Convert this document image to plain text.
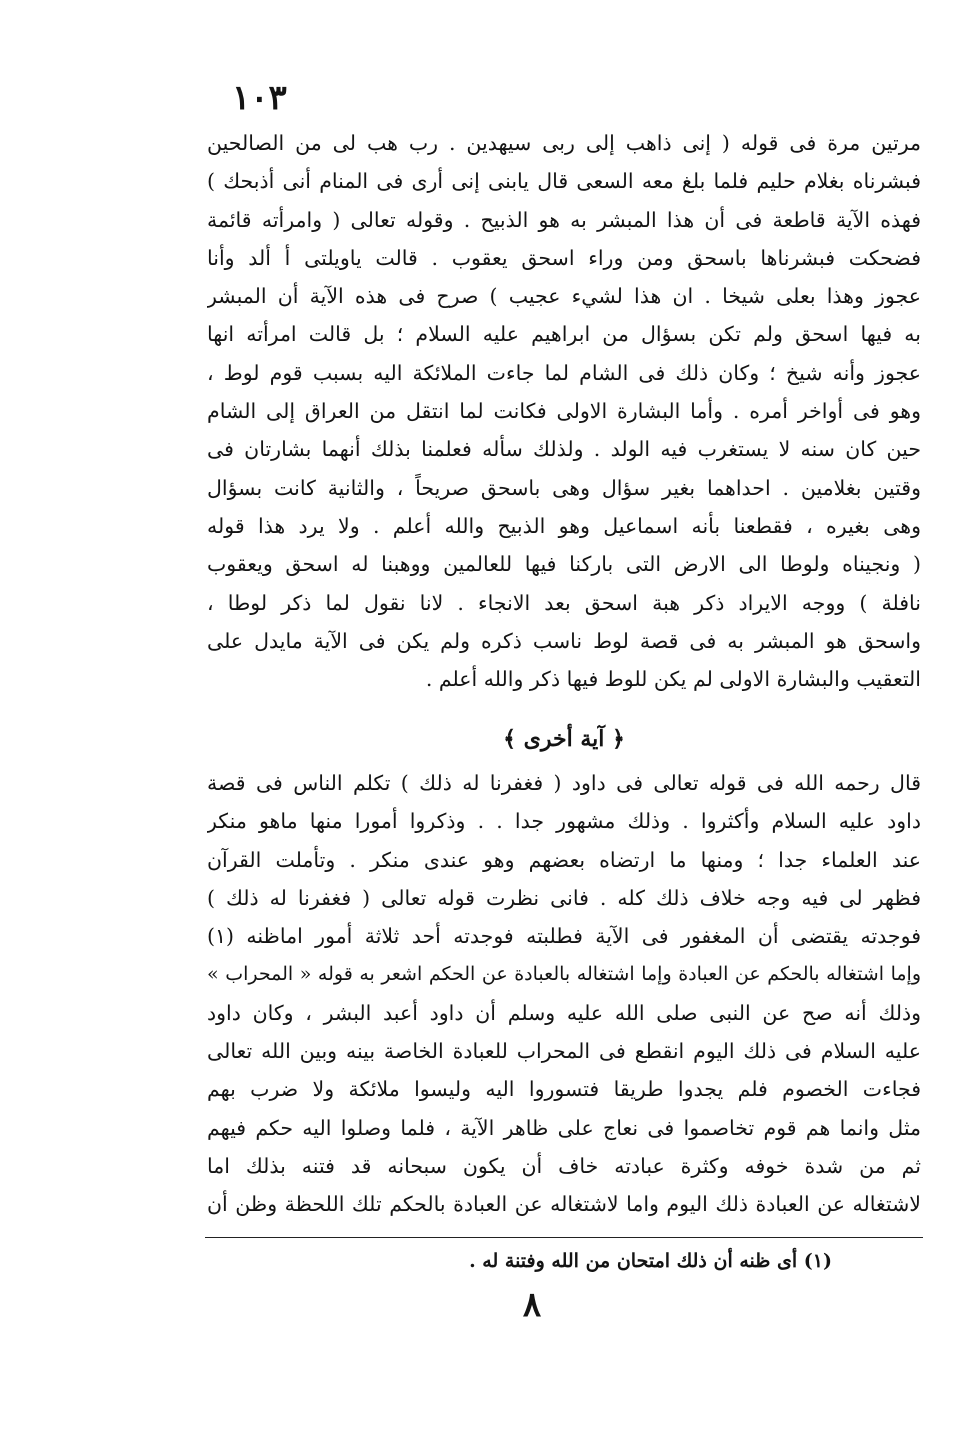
١٠٣
مرتين مرة فى قوله ( إنى ذاهب إلى ربى سيهدين . رب هب لى من الصالحين
فبشرناه بغلام حليم فلما بلغ معه السعى قال يابنى إنى أرى فى المنام أنى أذبحك )
فهذه الآية قاطعة فى أن هذا المبشر به هو الذبيح . وقوله تعالى ( وامرأته قائمة
فضحكت فبشرناها باسحق ومن وراء اسحق يعقوب . قالت ياويلتى أ ألد وأنا
عجوز وهذا بعلى شيخا . ان هذا لشيء عجيب ) صرح فى هذه الآية أن المبشر
به فيها اسحق ولم تكن بسؤال من ابراهيم عليه السلام ؛ بل قالت امرأته انها
عجوز وأنه شيخ ؛ وكان ذلك فى الشام لما جاءت الملائكة اليه بسبب قوم لوط ،
وهو فى أواخر أمره . وأما البشارة الاولى فكانت لما انتقل من العراق إلى الشام
حين كان سنه لا يستغرب فيه الولد . ولذلك سأله فعلمنا بذلك أنهما بشارتان فى
وقتين بغلامين . احداهما بغير سؤال وهى باسحق صريحاً ، والثانية كانت بسؤال
وهى بغيره ، فقطعنا بأنه اسماعيل وهو الذبيح والله أعلم . ولا يرد هذا قوله
( ونجيناه ولوطا الى الارض التى باركنا فيها للعالمين ووهبنا له اسحق ويعقوب
نافلة ) ووجه الايراد ذكر هبة اسحق بعد الانجاء . لانا نقول لما ذكر لوطا ،
واسحق هو المبشر به فى قصة لوط ناسب ذكره ولم يكن فى الآية مايدل على
التعقيب والبشارة الاولى لم يكن للوط فيها ذكر والله أعلم .
﴿ آية أخرى ﴾
قال رحمه الله فى قوله تعالى فى داود ( فغفرنا له ذلك ) تكلم الناس فى قصة
داود عليه السلام وأكثروا . وذلك مشهور جدا . . وذكروا أمورا منها ماهو منكر
عند العلماء جدا ؛ ومنها ما ارتضاه بعضهم وهو عندى منكر . وتأملت القرآن
فظهر لى فيه وجه خلاف ذلك كله . فانى نظرت قوله تعالى ( فغفرنا له ذلك )
فوجدته يقتضى أن المغفور فى الآية فطلبته فوجدته أحد ثلاثة أمور اماظنه (١)
وإما اشتغاله بالحكم عن العبادة وإما اشتغاله بالعبادة عن الحكم اشعر به قوله « المحراب »
وذلك أنه صح عن النبى صلى الله عليه وسلم أن داود أعبد البشر ، وكان داود
عليه السلام فى ذلك اليوم انقطع فى المحراب للعبادة الخاصة بينه وبين الله تعالى
فجاءت الخصوم فلم يجدوا طريقا فتسوروا اليه وليسوا ملائكة ولا ضرب بهم
مثل وانما هم قوم تخاصموا فى نعاج على ظاهر الآية ، فلما وصلوا اليه حكم فيهم
ثم من شدة خوفه وكثرة عبادته خاف أن يكون سبحانه قد فتنه بذلك اما
لاشتغاله عن العبادة ذلك اليوم واما لاشتغاله عن العبادة بالحكم تلك اللحظة وظن أن
(١) أى ظنه أن ذلك امتحان من الله وفتنة له .
٨
